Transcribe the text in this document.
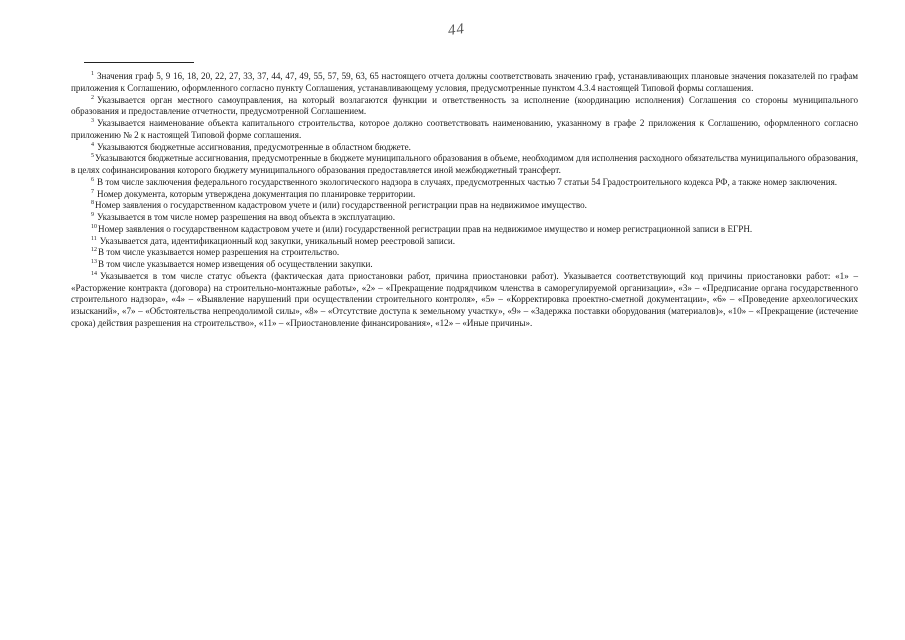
44

$^1$ Значения граф 5, 9 16, 18, 20, 22, 27, 33, 37, 44, 47, 49, 55, 57, 59, 63, 65 настоящего отчета должны соответствовать значению граф, устанавливающих плановые значения показателей по графам приложения к Соглашению, оформленного согласно пункту Соглашения, устанавливающему условия, предусмотренные пунктом 4.3.4 настоящей Типовой формы соглашения.

$^2$ Указывается орган местного самоуправления, на который возлагаются функции и ответственность за исполнение (координацию исполнения) Соглашения со стороны муниципального образования и предоставление отчетности, предусмотренной Соглашением.

$^3$ Указывается наименование объекта капитального строительства, которое должно соответствовать наименованию, указанному в графе 2 приложения к Соглашению, оформленного согласно приложению № 2 к настоящей Типовой форме соглашения.

$^4$ Указываются бюджетные ассигнования, предусмотренные в областном бюджете.

$^5$Указываются бюджетные ассигнования, предусмотренные в бюджете муниципального образования в объеме, необходимом для исполнения расходного обязательства муниципального образования, в целях софинансирования которого бюджету муниципального образования предоставляется иной межбюджетный трансферт.

$^6$ В том числе заключения федерального государственного экологического надзора в случаях, предусмотренных частью 7 статьи 54 Градостроительного кодекса РФ, а также номер заключения.

$^7$ Номер документа, которым утверждена документация по планировке территории.

$^8$Номер заявления о государственном кадастровом учете и (или) государственной регистрации прав на недвижимое имущество.

$^9$ Указывается в том числе номер разрешения на ввод объекта в эксплуатацию.

$^{10}$Номер заявления о государственном кадастровом учете и (или) государственной регистрации прав на недвижимое имущество и номер регистрационной записи в ЕГРН.

$^{11}$ Указывается дата, идентификационный код закупки, уникальный номер реестровой записи.

$^{12}$В том числе указывается номер разрешения на строительство.

$^{13}$В том числе указывается номер извещения об осуществлении закупки.

$^{14}$ Указывается в том числе статус объекта (фактическая дата приостановки работ, причина приостановки работ). Указывается соответствующий код причины приостановки работ: «1» – «Расторжение контракта (договора) на строительно-монтажные работы», «2» – «Прекращение подрядчиком членства в саморегулируемой организации», «3» – «Предписание органа государственного строительного надзора», «4» – «Выявление нарушений при осуществлении строительного контроля», «5» – «Корректировка проектно-сметной документации», «6» – «Проведение археологических изысканий», «7» – «Обстоятельства непреодолимой силы», «8» – «Отсутствие доступа к земельному участку», «9» – «Задержка поставки оборудования (материалов)», «10» – «Прекращение (истечение срока) действия разрешения на строительство», «11» – «Приостановление финансирования», «12» – «Иные причины».
